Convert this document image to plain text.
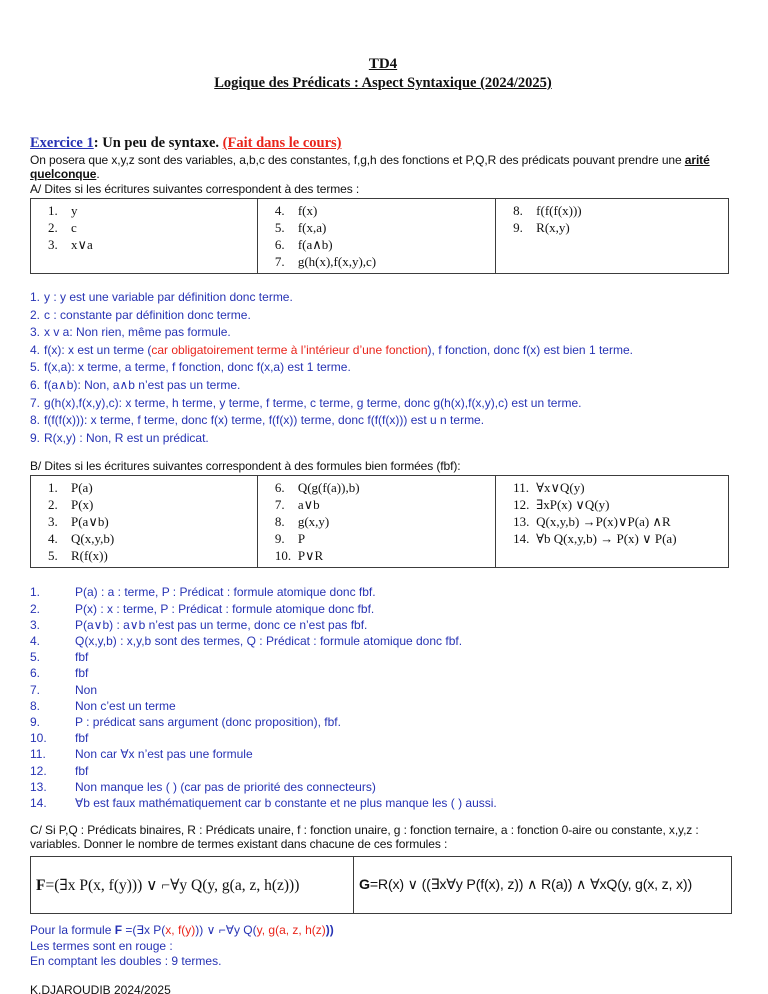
TD4
Logique des Prédicats : Aspect Syntaxique (2024/2025)
Exercice 1: Un peu de syntaxe. (Fait dans le cours)
On posera que x,y,z sont des variables, a,b,c des constantes, f,g,h des fonctions et P,Q,R des prédicats pouvant prendre une arité quelconque.
A/ Dites si les écritures suivantes correspondent à des termes :
1. y
2. c
3. x∨a
4. f(x)
5. f(x,a)
6. f(a∧b)
7. g(h(x),f(x,y),c)
8. f(f(f(x)))
9. R(x,y)
1. y : y est une variable par définition donc terme.
2. c : constante par définition donc terme.
3. x v a: Non rien, même pas formule.
4. f(x): x est un terme (car obligatoirement terme à l’intérieur d’une fonction), f fonction, donc f(x) est bien 1 terme.
5. f(x,a): x terme, a terme, f fonction, donc f(x,a) est 1 terme.
6. f(a∧b): Non, a∧b n’est pas un terme.
7. g(h(x),f(x,y),c): x terme, h terme, y terme, f terme, c terme, g terme, donc g(h(x),f(x,y),c) est un terme.
8. f(f(f(x))): x terme, f terme, donc f(x) terme, f(f(x)) terme, donc f(f(f(x))) est u n terme.
9. R(x,y) : Non, R est un prédicat.
B/ Dites si les écritures suivantes correspondent à des formules bien formées (fbf):
1. P(a)
2. P(x)
3. P(a∨b)
4. Q(x,y,b)
5. R(f(x))
6. Q(g(f(a)),b)
7. a∨b
8. g(x,y)
9. P
10. P∨R
11. ∀x∨Q(y)
12. ∃xP(x) ∨Q(y)
13. Q(x,y,b) →P(x)∨P(a) ∧R
14. ∀b Q(x,y,b) → P(x) ∨ P(a)
1.	P(a) : a : terme, P : Prédicat : formule atomique donc fbf.
2.	P(x) : x : terme, P : Prédicat : formule atomique donc fbf.
3.	P(a∨b) : a∨b n’est pas un terme, donc ce n’est pas fbf.
4.	Q(x,y,b) : x,y,b sont des termes, Q : Prédicat : formule atomique donc fbf.
5.	fbf
6.	fbf
7.	Non
8.	Non c’est un terme
9.	P : prédicat sans argument (donc proposition), fbf.
10. fbf
11. Non car ∀x n’est pas une formule
12. fbf
13. Non manque les ( ) (car pas de priorité des connecteurs)
14. ∀b est faux mathématiquement car b constante et ne plus manque les ( ) aussi.
C/ Si P,Q : Prédicats binaires, R : Prédicats unaire, f : fonction unaire, g : fonction ternaire, a : fonction 0-aire ou constante, x,y,z : variables. Donner le nombre de termes existant dans chacune de ces formules :
F=(∃x P(x, f(y))) ∨ ⌐∀y Q(y, g(a, z, h(z)))	G=R(x) ∨ ((∃x∀y P(f(x), z)) ∧ R(a)) ∧ ∀xQ(y, g(x, z, x))
Pour la formule F =(∃x P(x, f(y))) ∨ ⌐∀y Q(y, g(a, z, h(z)))
Les termes sont en rouge :
En comptant les doubles : 9 termes.
K.DJAROUDIB 2024/2025
